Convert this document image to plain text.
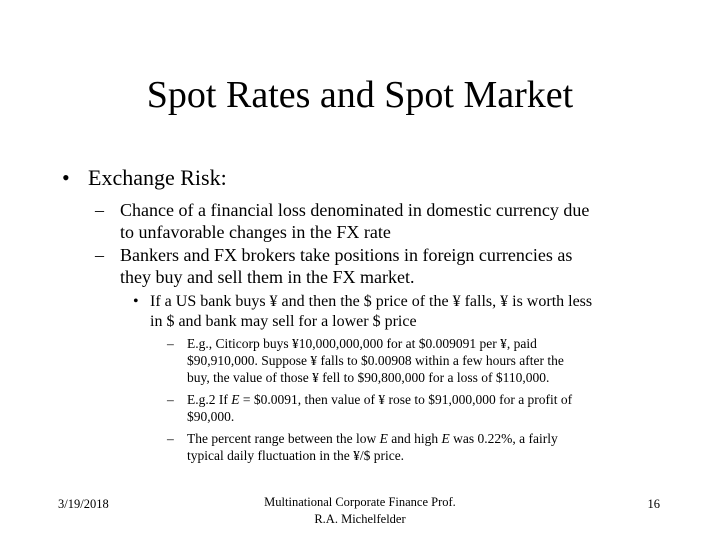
Spot Rates and Spot Market
• Exchange Risk:
– Chance of a financial loss denominated in domestic currency due
to unfavorable changes in the FX rate
– Bankers and FX brokers take positions in foreign currencies as
they buy and sell them in the FX market.
• If a US bank buys ¥ and then the $ price of the ¥ falls, ¥ is worth less
in $ and bank may sell for a lower $ price
– E.g., Citicorp buys ¥10,000,000,000 for at $0.009091 per ¥, paid
$90,910,000. Suppose ¥ falls to $0.00908 within a few hours after the
buy, the value of those ¥ fell to $90,800,000 for a loss of $110,000.
– E.g.2 If E = $0.0091, then value of ¥ rose to $91,000,000 for a profit of
$90,000.
– The percent range between the low E and high E was 0.22%, a fairly
typical daily fluctuation in the ¥/$ price.
3/19/2018	Multinational Corporate Finance Prof.
R.A. Michelfelder
16
